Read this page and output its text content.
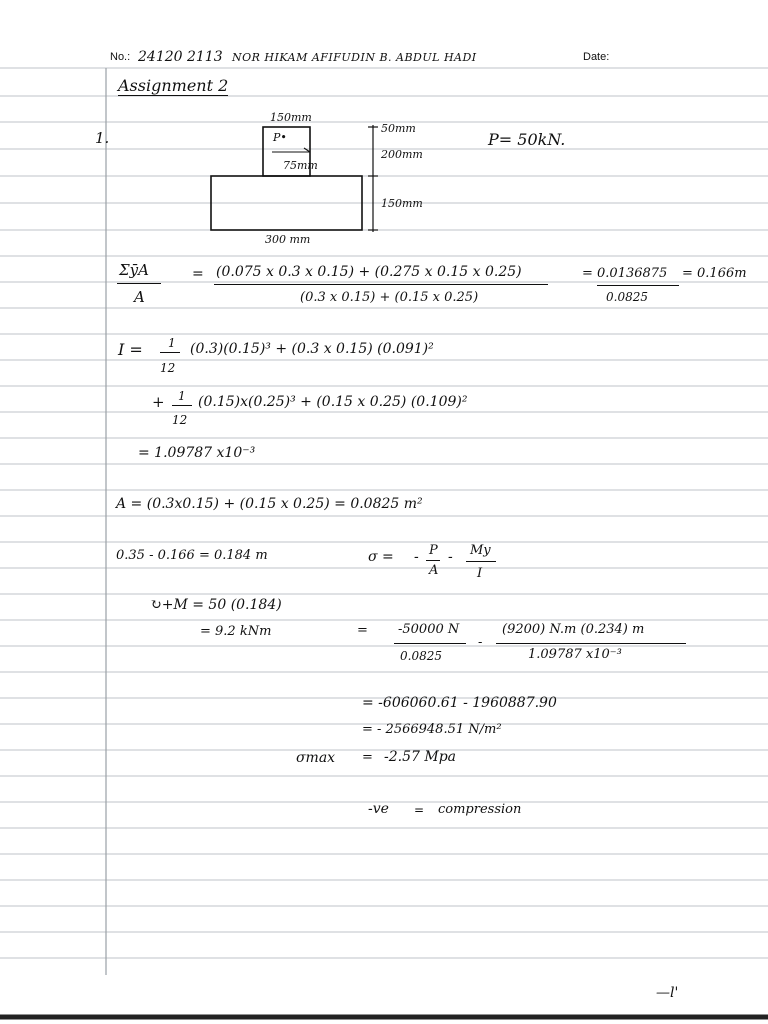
No.: 24120 2113 NOR HIKAM AFIFUDIN B. ABDUL HADI	Date:
Assignment 2
1.
150mm
P•
75mm
50mm
200mm
150mm
300 mm
P= 50kN.
ΣȳA
A
= (0.075 x 0.3 x 0.15) + (0.275 x 0.15 x 0.25)
(0.3 x 0.15) + (0.15 x 0.25)
= 0.0136875
0.0825
= 0.166m
I = 1
12
(0.3)(0.15)³ + (0.3 x 0.15) (0.091)²
+ 1
12
(0.15)x(0.25)³ + (0.15 x 0.25) (0.109)²
= 1.09787 x10⁻³
A = (0.3x0.15) + (0.15 x 0.25) = 0.0825 m²
0.35 - 0.166 = 0.184 m	σ = - P
A
- My
I
↻+M = 50 (0.184)
= 9.2 kNm	= -50000 N
0.0825
-
(9200) N.m (0.234) m
1.09787 x10⁻³
= -606060.61 - 1960887.90
= - 2566948.51 N/m²
σmax = -2.57 Mpa
-ve = compression
—l'
